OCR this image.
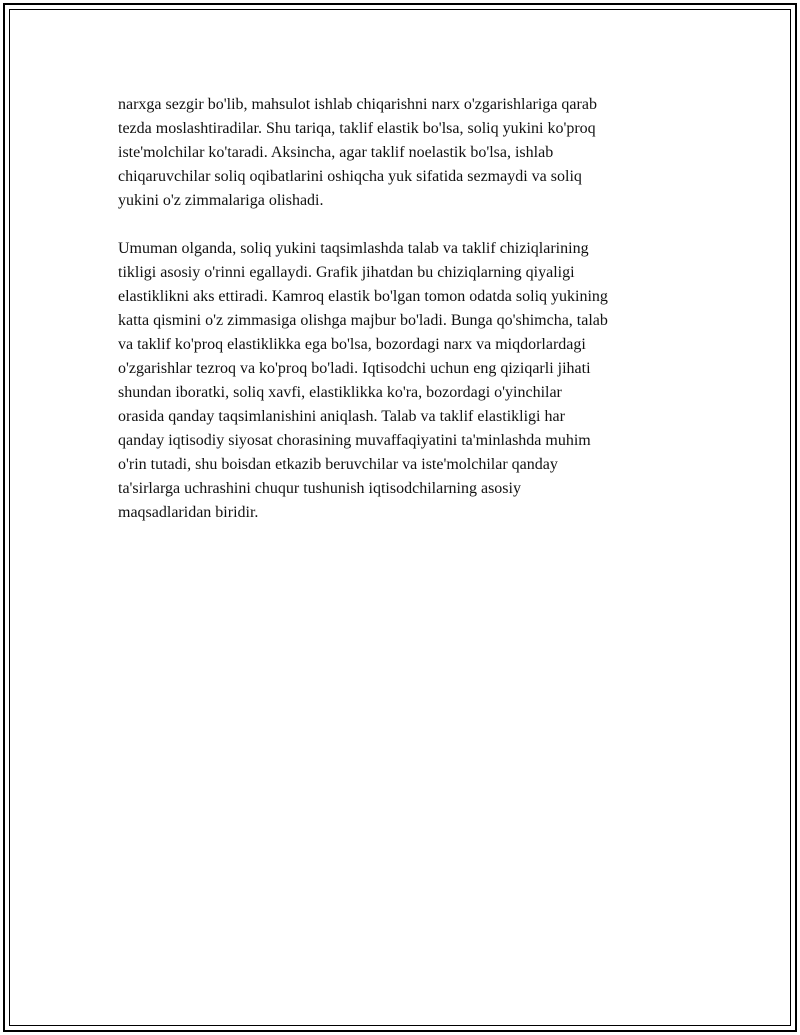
narxga sezgir bo'lib, mahsulot ishlab chiqarishni narx o'zgarishlariga qarab
tezda moslashtiradilar. Shu tariqa, taklif elastik bo'lsa, soliq yukini ko'proq
iste'molchilar ko'taradi. Aksincha, agar taklif noelastik bo'lsa, ishlab
chiqaruvchilar soliq oqibatlarini oshiqcha yuk sifatida sezmaydi va soliq
yukini o'z zimmalariga olishadi.

Umuman olganda, soliq yukini taqsimlashda talab va taklif chiziqlarining
tikligi asosiy o'rinni egallaydi. Grafik jihatdan bu chiziqlarning qiyaligi
elastiklikni aks ettiradi. Kamroq elastik bo'lgan tomon odatda soliq yukining
katta qismini o'z zimmasiga olishga majbur bo'ladi. Bunga qo'shimcha, talab
va taklif ko'proq elastiklikka ega bo'lsa, bozordagi narx va miqdorlardagi
o'zgarishlar tezroq va ko'proq bo'ladi. Iqtisodchi uchun eng qiziqarli jihati
shundan iboratki, soliq xavfi, elastiklikka ko'ra, bozordagi o'yinchilar
orasida qanday taqsimlanishini aniqlash. Talab va taklif elastikligi har
qanday iqtisodiy siyosat chorasining muvaffaqiyatini ta'minlashda muhim
o'rin tutadi, shu boisdan etkazib beruvchilar va iste'molchilar qanday
ta'sirlarga uchrashini chuqur tushunish iqtisodchilarning asosiy
maqsadlaridan biridir.
